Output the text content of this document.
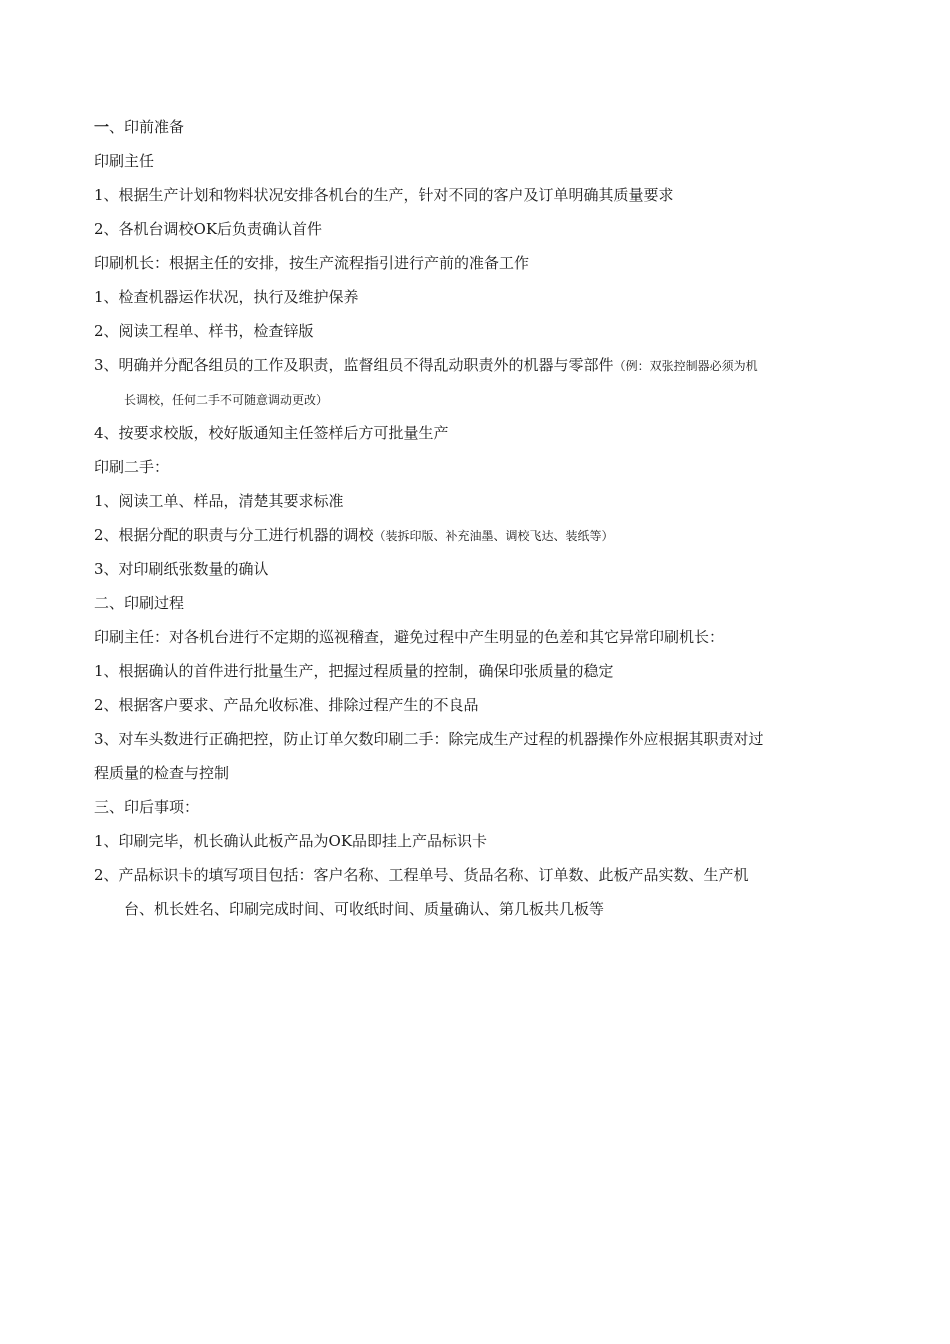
一、印前准备
印刷主任
1、根据生产计划和物料状况安排各机台的生产，针对不同的客户及订单明确其质量要求
2、各机台调校OK后负责确认首件
印刷机长：根据主任的安排，按生产流程指引进行产前的准备工作
1、检查机器运作状况，执行及维护保养
2、阅读工程单、样书，检查锌版
3、明确并分配各组员的工作及职责，监督组员不得乱动职责外的机器与零部件（例：双张控制器必须为机
长调校，任何二手不可随意调动更改）
4、按要求校版，校好版通知主任签样后方可批量生产
印刷二手：
1、阅读工单、样品，清楚其要求标准
2、根据分配的职责与分工进行机器的调校（装拆印版、补充油墨、调校飞达、装纸等）
3、对印刷纸张数量的确认
二、印刷过程
印刷主任：对各机台进行不定期的巡视稽查，避免过程中产生明显的色差和其它异常印刷机长：
1、根据确认的首件进行批量生产，把握过程质量的控制，确保印张质量的稳定
2、根据客户要求、产品允收标准、排除过程产生的不良品
3、对车头数进行正确把控，防止订单欠数印刷二手：除完成生产过程的机器操作外应根据其职责对过
程质量的检查与控制
三、印后事项：
1、印刷完毕，机长确认此板产品为OK品即挂上产品标识卡
2、产品标识卡的填写项目包括：客户名称、工程单号、货品名称、订单数、此板产品实数、生产机
台、机长姓名、印刷完成时间、可收纸时间、质量确认、第几板共几板等
